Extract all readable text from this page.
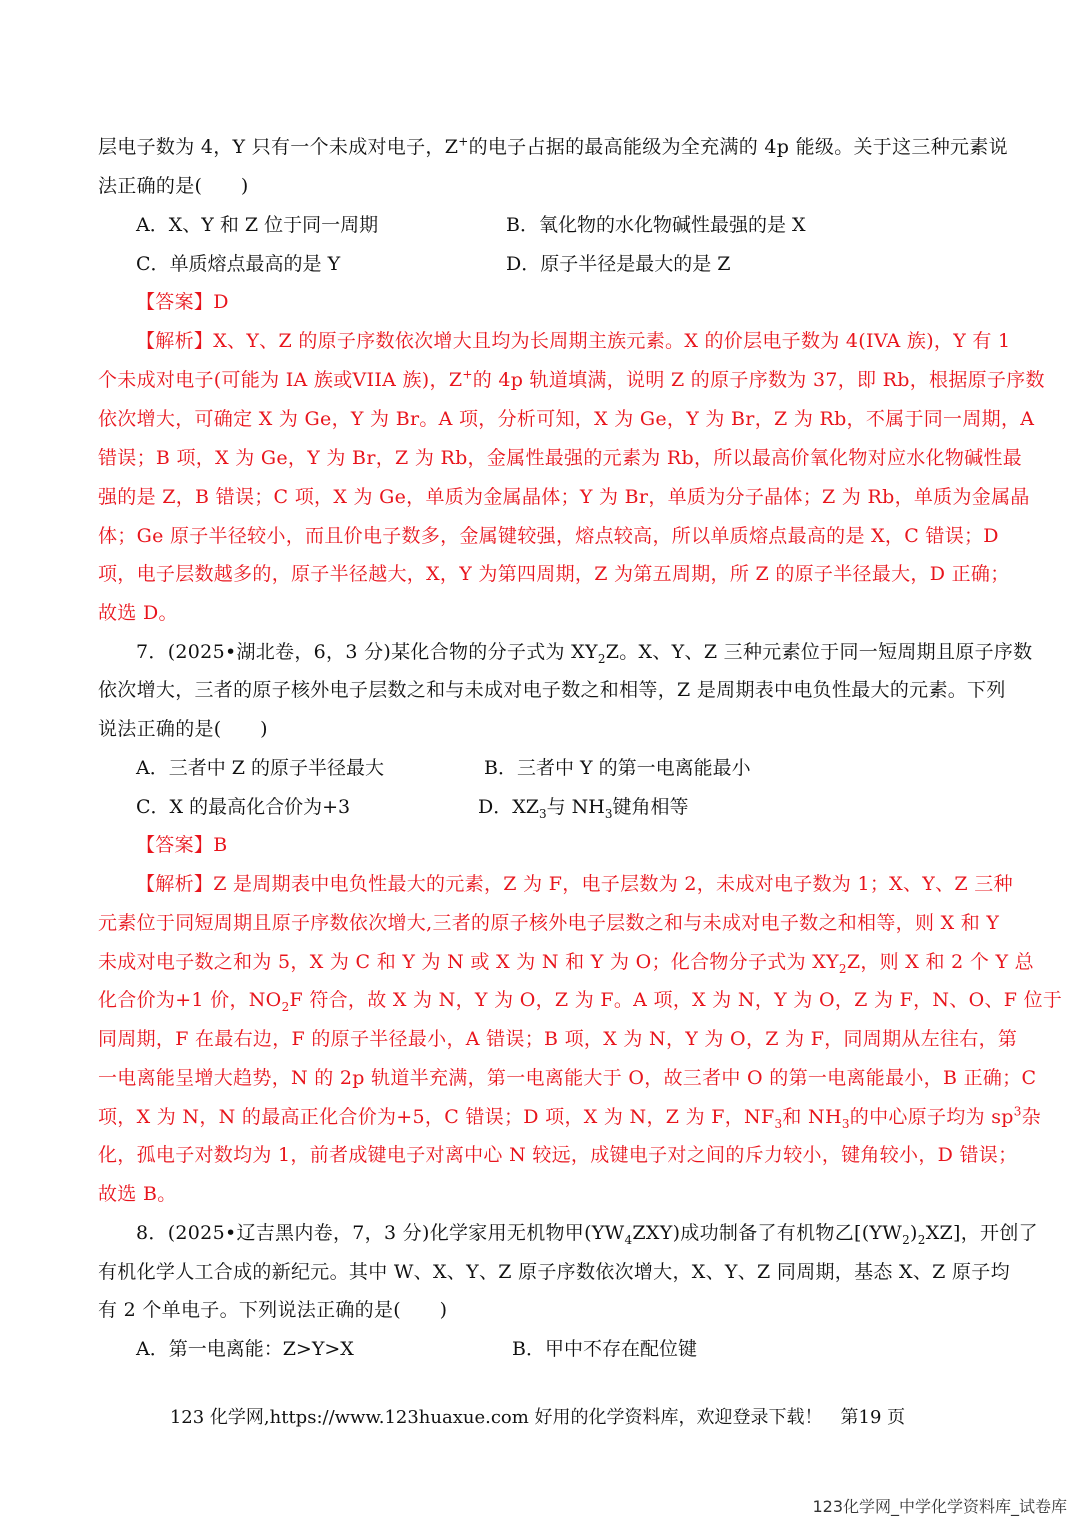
层电子数为 4，Y 只有一个未成对电子，Z+的电子占据的最高能级为全充满的 4p 能级。关于这三种元素说
法正确的是(　　)
A．X、Y 和 Z 位于同一周期	B．氧化物的水化物碱性最强的是 X
C．单质熔点最高的是 Y	D．原子半径是最大的是 Z
【答案】D
【解析】X、Y、Z 的原子序数依次增大且均为长周期主族元素。X 的价层电子数为 4(IVA 族)，Y 有 1
个未成对电子(可能为 IA 族或VIIA 族)，Z+的 4p 轨道填满，说明 Z 的原子序数为 37，即 Rb，根据原子序数
依次增大，可确定 X 为 Ge，Y 为 Br。A 项，分析可知，X 为 Ge，Y 为 Br，Z 为 Rb，不属于同一周期，A
错误；B 项，X 为 Ge，Y 为 Br，Z 为 Rb，金属性最强的元素为 Rb，所以最高价氧化物对应水化物碱性最
强的是 Z，B 错误；C 项，X 为 Ge，单质为金属晶体；Y 为 Br，单质为分子晶体；Z 为 Rb，单质为金属晶
体；Ge 原子半径较小，而且价电子数多，金属键较强，熔点较高，所以单质熔点最高的是 X，C 错误；D
项，电子层数越多的，原子半径越大，X，Y 为第四周期，Z 为第五周期，所 Z 的原子半径最大，D 正确；
故选 D。
7．(2025•湖北卷，6，3 分)某化合物的分子式为 $XY_2Z$。X、Y、Z 三种元素位于同一短周期且原子序数
依次增大，三者的原子核外电子层数之和与未成对电子数之和相等，Z 是周期表中电负性最大的元素。下列
说法正确的是(　　)
A．三者中 Z 的原子半径最大	B．三者中 Y 的第一电离能最小
C．X 的最高化合价为+3	D．$XZ_3$与 $NH_3$键角相等
【答案】B
【解析】Z 是周期表中电负性最大的元素，Z 为 F，电子层数为 2，未成对电子数为 1；X、Y、Z 三种
元素位于同短周期且原子序数依次增大,三者的原子核外电子层数之和与未成对电子数之和相等，则 X 和 Y
未成对电子数之和为 5，X 为 C 和 Y 为 N 或 X 为 N 和 Y 为 O；化合物分子式为 $XY_2Z$，则 X 和 2 个 Y 总
化合价为+1 价，$NO_2F$ 符合，故 X 为 N，Y 为 O，Z 为 F。A 项，X 为 N，Y 为 O，Z 为 F，N、O、F 位于
同周期，F 在最右边，F 的原子半径最小，A 错误；B 项，X 为 N，Y 为 O，Z 为 F，同周期从左往右，第
一电离能呈增大趋势，N 的 2p 轨道半充满，第一电离能大于 O，故三者中 O 的第一电离能最小，B 正确；C
项，X 为 N，N 的最高正化合价为+5，C 错误；D 项，X 为 N，Z 为 F，$NF_3$和 $NH_3$的中心原子均为 $sp^3$杂
化，孤电子对数均为 1，前者成键电子对离中心 N 较远，成键电子对之间的斥力较小，键角较小，D 错误；
故选 B。
8．(2025•辽吉黑内卷，7，3 分)化学家用无机物甲$(YW_4ZXY)$成功制备了有机物乙$[(YW_2)_2XZ]$，开创了
有机化学人工合成的新纪元。其中 W、X、Y、Z 原子序数依次增大，X、Y、Z 同周期，基态 X、Z 原子均
有 2 个单电子。下列说法正确的是(　　)
A．第一电离能：Z>Y>X	B．甲中不存在配位键
123 化学网,https://www.123huaxue.com 好用的化学资料库，欢迎登录下载！　第19 页
123化学网_中学化学资料库_试卷库
